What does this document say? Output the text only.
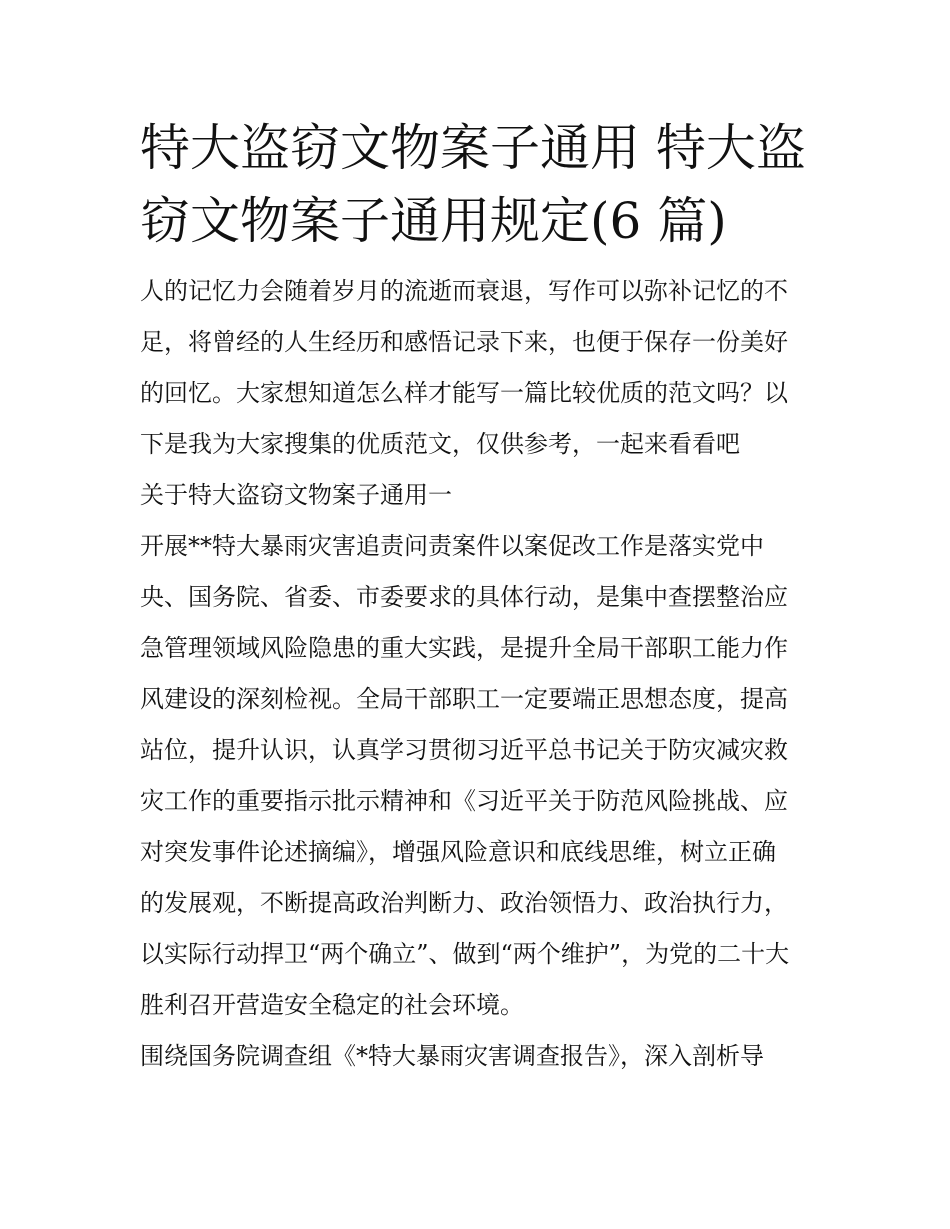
特大盗窃文物案子通用 特大盗
窃文物案子通用规定(6 篇)

人的记忆力会随着岁月的流逝而衰退，写作可以弥补记忆的不
足，将曾经的人生经历和感悟记录下来，也便于保存一份美好
的回忆。大家想知道怎么样才能写一篇比较优质的范文吗？以
下是我为大家搜集的优质范文，仅供参考，一起来看看吧

关于特大盗窃文物案子通用一

开展**特大暴雨灾害追责问责案件以案促改工作是落实党中
央、国务院、省委、市委要求的具体行动，是集中查摆整治应
急管理领域风险隐患的重大实践，是提升全局干部职工能力作
风建设的深刻检视。全局干部职工一定要端正思想态度，提高
站位，提升认识，认真学习贯彻习近平总书记关于防灾减灾救
灾工作的重要指示批示精神和《习近平关于防范风险挑战、应
对突发事件论述摘编》，增强风险意识和底线思维，树立正确
的发展观，不断提高政治判断力、政治领悟力、政治执行力，
以实际行动捍卫“两个确立”、做到“两个维护”，为党的二十大
胜利召开营造安全稳定的社会环境。

围绕国务院调查组《*特大暴雨灾害调查报告》，深入剖析导
